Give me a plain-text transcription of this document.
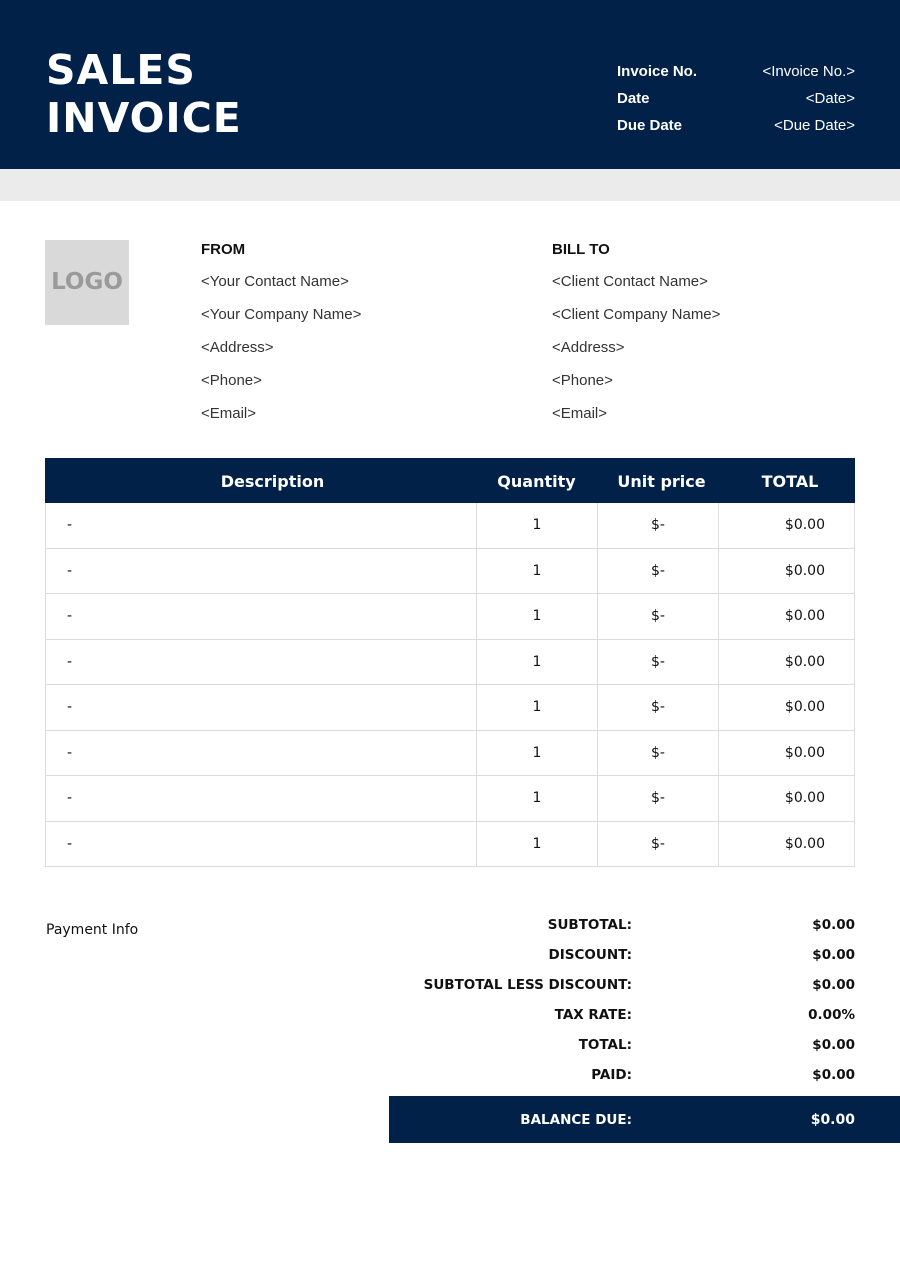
SALES
INVOICE
Invoice No.	<Invoice No.>
Date	<Date>
Due Date	<Due Date>
LOGO
FROM
<Your Contact Name>
<Your Company Name>
<Address>
<Phone>
<Email>
BILL TO
<Client Contact Name>
<Client Company Name>
<Address>
<Phone>
<Email>
Description	Quantity	Unit price	TOTAL
-	1	$-	$0.00
-	1	$-	$0.00
-	1	$-	$0.00
-	1	$-	$0.00
-	1	$-	$0.00
-	1	$-	$0.00
-	1	$-	$0.00
-	1	$-	$0.00
Payment Info	SUBTOTAL:	$0.00
DISCOUNT:	$0.00
SUBTOTAL LESS DISCOUNT:	$0.00
TAX RATE:	0.00%
TOTAL:	$0.00
PAID:	$0.00
BALANCE DUE:	$0.00
